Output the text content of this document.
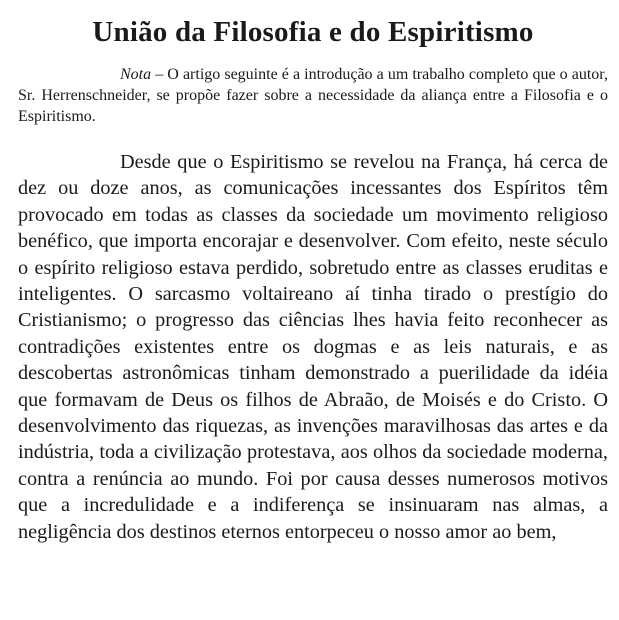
União da Filosofia e do Espiritismo

Nota – O artigo seguinte é a introdução a um trabalho completo que o autor, Sr. Herrenschneider, se propõe fazer sobre a necessidade da aliança entre a Filosofia e o Espiritismo.

Desde que o Espiritismo se revelou na França, há cerca de dez ou doze anos, as comunicações incessantes dos Espíritos têm provocado em todas as classes da sociedade um movimento religioso benéfico, que importa encorajar e desenvolver. Com efeito, neste século o espírito religioso estava perdido, sobretudo entre as classes eruditas e inteligentes. O sarcasmo voltaireano aí tinha tirado o prestígio do Cristianismo; o progresso das ciências lhes havia feito reconhecer as contradições existentes entre os dogmas e as leis naturais, e as descobertas astronômicas tinham demonstrado a puerilidade da idéia que formavam de Deus os filhos de Abraão, de Moisés e do Cristo. O desenvolvimento das riquezas, as invenções maravilhosas das artes e da indústria, toda a civilização protestava, aos olhos da sociedade moderna, contra a renúncia ao mundo. Foi por causa desses numerosos motivos que a incredulidade e a indiferença se insinuaram nas almas, a negligência dos destinos eternos entorpeceu o nosso amor ao bem,
